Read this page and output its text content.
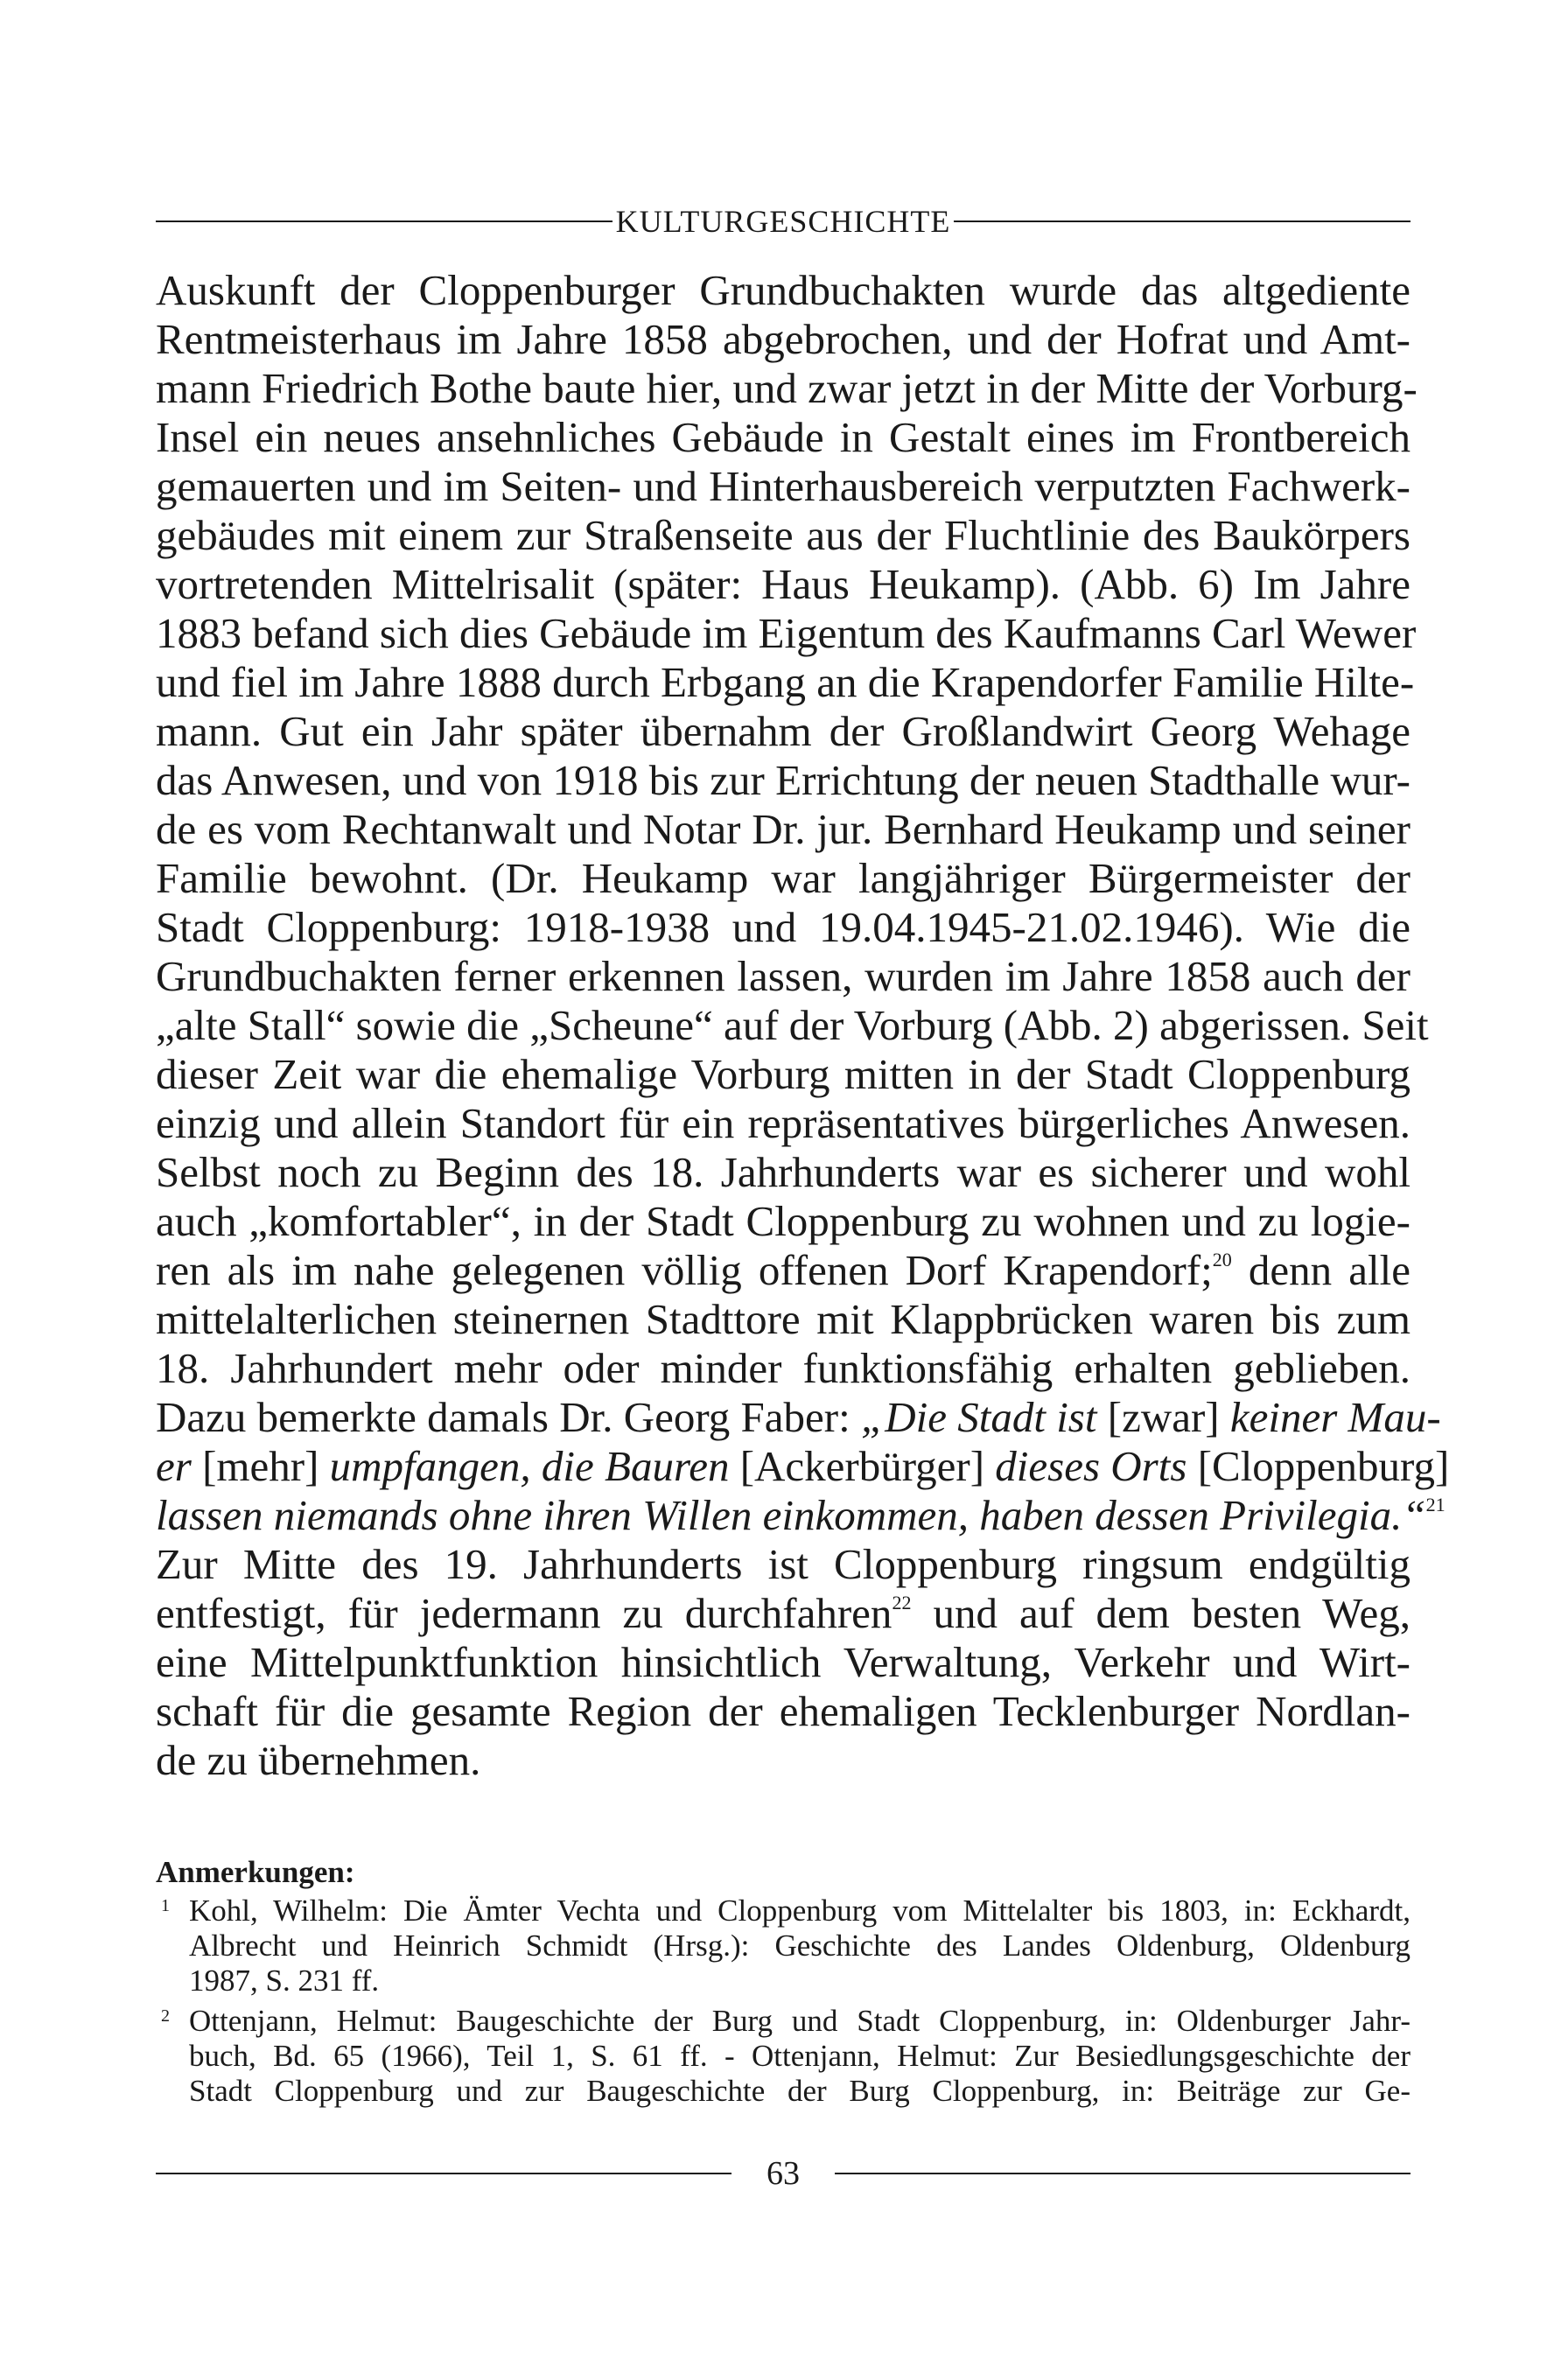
KULTURGESCHICHTE
Auskunft der Cloppenburger Grundbuchakten wurde das altgediente
Rentmeisterhaus im Jahre 1858 abgebrochen, und der Hofrat und Amt-
mann Friedrich Bothe baute hier, und zwar jetzt in der Mitte der Vorburg-
Insel ein neues ansehnliches Gebäude in Gestalt eines im Frontbereich
gemauerten und im Seiten- und Hinterhausbereich verputzten Fachwerk-
gebäudes mit einem zur Straßenseite aus der Fluchtlinie des Baukörpers
vortretenden Mittelrisalit (später: Haus Heukamp). (Abb. 6) Im Jahre
1883 befand sich dies Gebäude im Eigentum des Kaufmanns Carl Wewer
und fiel im Jahre 1888 durch Erbgang an die Krapendorfer Familie Hilte-
mann. Gut ein Jahr später übernahm der Großlandwirt Georg Wehage
das Anwesen, und von 1918 bis zur Errichtung der neuen Stadthalle wur-
de es vom Rechtanwalt und Notar Dr. jur. Bernhard Heukamp und seiner
Familie bewohnt. (Dr. Heukamp war langjähriger Bürgermeister der
Stadt Cloppenburg: 1918-1938 und 19.04.1945-21.02.1946). Wie die
Grundbuchakten ferner erkennen lassen, wurden im Jahre 1858 auch der
„alte Stall“ sowie die „Scheune“ auf der Vorburg (Abb. 2) abgerissen. Seit
dieser Zeit war die ehemalige Vorburg mitten in der Stadt Cloppenburg
einzig und allein Standort für ein repräsentatives bürgerliches Anwesen.
Selbst noch zu Beginn des 18. Jahrhunderts war es sicherer und wohl
auch „komfortabler“, in der Stadt Cloppenburg zu wohnen und zu logie-
ren als im nahe gelegenen völlig offenen Dorf Krapendorf;$^{20}$ denn alle
mittelalterlichen steinernen Stadttore mit Klappbrücken waren bis zum
18. Jahrhundert mehr oder minder funktionsfähig erhalten geblieben.
Dazu bemerkte damals Dr. Georg Faber: „Die Stadt ist [zwar] keiner Mau-
er [mehr] umpfangen, die Bauren [Ackerbürger] dieses Orts [Cloppenburg]
lassen niemands ohne ihren Willen einkommen, haben dessen Privilegia.“$^{21}$
Zur Mitte des 19. Jahrhunderts ist Cloppenburg ringsum endgültig
entfestigt, für jedermann zu durchfahren$^{22}$ und auf dem besten Weg,
eine Mittelpunktfunktion hinsichtlich Verwaltung, Verkehr und Wirt-
schaft für die gesamte Region der ehemaligen Tecklenburger Nordlan-
de zu übernehmen.
Anmerkungen:
1 Kohl, Wilhelm: Die Ämter Vechta und Cloppenburg vom Mittelalter bis 1803, in: Eckhardt,
Albrecht und Heinrich Schmidt (Hrsg.): Geschichte des Landes Oldenburg, Oldenburg
1987, S. 231 ff.
2 Ottenjann, Helmut: Baugeschichte der Burg und Stadt Cloppenburg, in: Oldenburger Jahr-
buch, Bd. 65 (1966), Teil 1, S. 61 ff. - Ottenjann, Helmut: Zur Besiedlungsgeschichte der
Stadt Cloppenburg und zur Baugeschichte der Burg Cloppenburg, in: Beiträge zur Ge-
63
